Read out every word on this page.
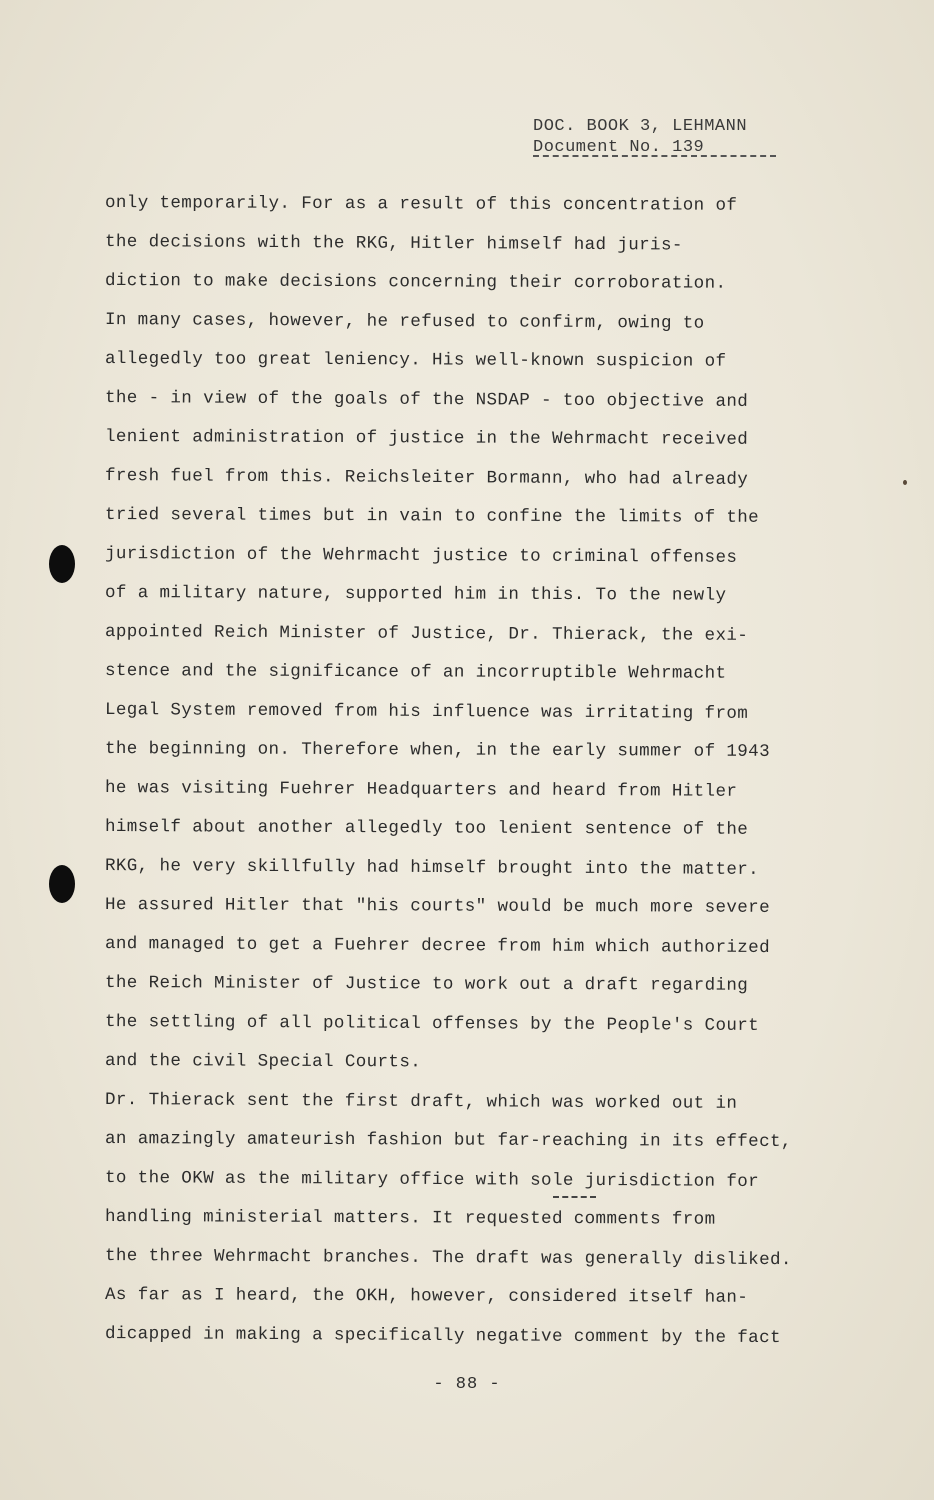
DOC. BOOK 3, LEHMANN
Document No. 139
only temporarily. For as a result of this concentration of
the decisions with the RKG, Hitler himself had juris-
diction to make decisions concerning their corroboration.
In many cases, however, he refused to confirm, owing to
allegedly too great leniency. His well-known suspicion of
the - in view of the goals of the NSDAP - too objective and
lenient administration of justice in the Wehrmacht received
fresh fuel from this. Reichsleiter Bormann, who had already
tried several times but in vain to confine the limits of the
jurisdiction of the Wehrmacht justice to criminal offenses
of a military nature, supported him in this. To the newly
appointed Reich Minister of Justice, Dr. Thierack, the exi-
stence and the significance of an incorruptible Wehrmacht
Legal System removed from his influence was irritating from
the beginning on. Therefore when, in the early summer of 1943
he was visiting Fuehrer Headquarters and heard from Hitler
himself about another allegedly too lenient sentence of the
RKG, he very skillfully had himself brought into the matter.
He assured Hitler that "his courts" would be much more severe
and managed to get a Fuehrer decree from him which authorized
the Reich Minister of Justice to work out a draft regarding
the settling of all political offenses by the People's Court
and the civil Special Courts.
Dr. Thierack sent the first draft, which was worked out in
an amazingly amateurish fashion but far-reaching in its effect,
to the OKW as the military office with sole jurisdiction for
handling ministerial matters. It requested comments from
the three Wehrmacht branches. The draft was generally disliked.
As far as I heard, the OKH, however, considered itself han-
dicapped in making a specifically negative comment by the fact
- 88 -
